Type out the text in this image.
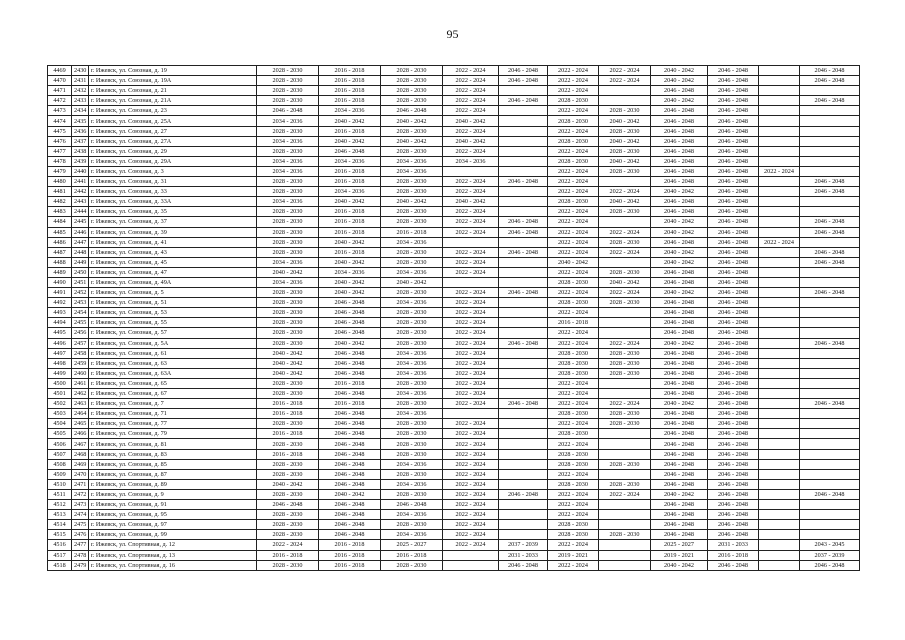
95
4469	2430	г. Ижевск, ул. Союзная, д. 19	2028 - 2030	2016 - 2018	2028 - 2030	2022 - 2024	2046 - 2048	2022 - 2024	2022 - 2024	2040 - 2042	2046 - 2048		2046 - 2048
4470	2431	г. Ижевск, ул. Союзная, д. 19А	2028 - 2030	2016 - 2018	2028 - 2030	2022 - 2024	2046 - 2048	2022 - 2024	2022 - 2024	2040 - 2042	2046 - 2048		2046 - 2048
4471	2432	г. Ижевск, ул. Союзная, д. 21	2028 - 2030	2016 - 2018	2028 - 2030	2022 - 2024		2022 - 2024		2046 - 2048	2046 - 2048		
4472	2433	г. Ижевск, ул. Союзная, д. 21А	2028 - 2030	2016 - 2018	2028 - 2030	2022 - 2024	2046 - 2048	2028 - 2030		2040 - 2042	2046 - 2048		2046 - 2048
4473	2434	г. Ижевск, ул. Союзная, д. 23	2046 - 2048	2034 - 2036	2046 - 2048	2022 - 2024		2022 - 2024	2028 - 2030	2046 - 2048	2046 - 2048		
4474	2435	г. Ижевск, ул. Союзная, д. 25А	2034 - 2036	2040 - 2042	2040 - 2042	2040 - 2042		2028 - 2030	2040 - 2042	2046 - 2048	2046 - 2048		
4475	2436	г. Ижевск, ул. Союзная, д. 27	2028 - 2030	2016 - 2018	2028 - 2030	2022 - 2024		2022 - 2024	2028 - 2030	2046 - 2048	2046 - 2048		
4476	2437	г. Ижевск, ул. Союзная, д. 27А	2034 - 2036	2040 - 2042	2040 - 2042	2040 - 2042		2028 - 2030	2040 - 2042	2046 - 2048	2046 - 2048		
4477	2438	г. Ижевск, ул. Союзная, д. 29	2028 - 2030	2046 - 2048	2028 - 2030	2022 - 2024		2022 - 2024	2028 - 2030	2046 - 2048	2046 - 2048		
4478	2439	г. Ижевск, ул. Союзная, д. 29А	2034 - 2036	2034 - 2036	2034 - 2036	2034 - 2036		2028 - 2030	2040 - 2042	2046 - 2048	2046 - 2048		
4479	2440	г. Ижевск, ул. Союзная, д. 3	2034 - 2036	2016 - 2018	2034 - 2036			2022 - 2024	2028 - 2030	2046 - 2048	2046 - 2048	2022 - 2024	
4480	2441	г. Ижевск, ул. Союзная, д. 31	2028 - 2030	2016 - 2018	2028 - 2030	2022 - 2024	2046 - 2048	2022 - 2024		2046 - 2048	2046 - 2048		2046 - 2048
4481	2442	г. Ижевск, ул. Союзная, д. 33	2028 - 2030	2034 - 2036	2028 - 2030	2022 - 2024		2022 - 2024	2022 - 2024	2040 - 2042	2046 - 2048		2046 - 2048
4482	2443	г. Ижевск, ул. Союзная, д. 33А	2034 - 2036	2040 - 2042	2040 - 2042	2040 - 2042		2028 - 2030	2040 - 2042	2046 - 2048	2046 - 2048		
4483	2444	г. Ижевск, ул. Союзная, д. 35	2028 - 2030	2016 - 2018	2028 - 2030	2022 - 2024		2022 - 2024	2028 - 2030	2046 - 2048	2046 - 2048		
4484	2445	г. Ижевск, ул. Союзная, д. 37	2028 - 2030	2016 - 2018	2028 - 2030	2022 - 2024	2046 - 2048	2022 - 2024		2040 - 2042	2046 - 2048		2046 - 2048
4485	2446	г. Ижевск, ул. Союзная, д. 39	2028 - 2030	2016 - 2018	2016 - 2018	2022 - 2024	2046 - 2048	2022 - 2024	2022 - 2024	2040 - 2042	2046 - 2048		2046 - 2048
4486	2447	г. Ижевск, ул. Союзная, д. 41	2028 - 2030	2040 - 2042	2034 - 2036			2022 - 2024	2028 - 2030	2046 - 2048	2046 - 2048	2022 - 2024	
4487	2448	г. Ижевск, ул. Союзная, д. 43	2028 - 2030	2016 - 2018	2028 - 2030	2022 - 2024	2046 - 2048	2022 - 2024	2022 - 2024	2040 - 2042	2046 - 2048		2046 - 2048
4488	2449	г. Ижевск, ул. Союзная, д. 45	2034 - 2036	2040 - 2042	2028 - 2030	2022 - 2024		2040 - 2042		2040 - 2042	2046 - 2048		2046 - 2048
4489	2450	г. Ижевск, ул. Союзная, д. 47	2040 - 2042	2034 - 2036	2034 - 2036	2022 - 2024		2022 - 2024	2028 - 2030	2046 - 2048	2046 - 2048		
4490	2451	г. Ижевск, ул. Союзная, д. 49А	2034 - 2036	2040 - 2042	2040 - 2042			2028 - 2030	2040 - 2042	2046 - 2048	2046 - 2048		
4491	2452	г. Ижевск, ул. Союзная, д. 5	2028 - 2030	2040 - 2042	2028 - 2030	2022 - 2024	2046 - 2048	2022 - 2024	2022 - 2024	2040 - 2042	2046 - 2048		2046 - 2048
4492	2453	г. Ижевск, ул. Союзная, д. 51	2028 - 2030	2046 - 2048	2034 - 2036	2022 - 2024		2028 - 2030	2028 - 2030	2046 - 2048	2046 - 2048		
4493	2454	г. Ижевск, ул. Союзная, д. 53	2028 - 2030	2046 - 2048	2028 - 2030	2022 - 2024		2022 - 2024		2046 - 2048	2046 - 2048		
4494	2455	г. Ижевск, ул. Союзная, д. 55	2028 - 2030	2046 - 2048	2028 - 2030	2022 - 2024		2016 - 2018		2046 - 2048	2046 - 2048		
4495	2456	г. Ижевск, ул. Союзная, д. 57	2028 - 2030	2046 - 2048	2028 - 2030	2022 - 2024		2022 - 2024		2046 - 2048	2046 - 2048		
4496	2457	г. Ижевск, ул. Союзная, д. 5А	2028 - 2030	2040 - 2042	2028 - 2030	2022 - 2024	2046 - 2048	2022 - 2024	2022 - 2024	2040 - 2042	2046 - 2048		2046 - 2048
4497	2458	г. Ижевск, ул. Союзная, д. 61	2040 - 2042	2046 - 2048	2034 - 2036	2022 - 2024		2028 - 2030	2028 - 2030	2046 - 2048	2046 - 2048		
4498	2459	г. Ижевск, ул. Союзная, д. 63	2040 - 2042	2046 - 2048	2034 - 2036	2022 - 2024		2028 - 2030	2028 - 2030	2046 - 2048	2046 - 2048		
4499	2460	г. Ижевск, ул. Союзная, д. 63А	2040 - 2042	2046 - 2048	2034 - 2036	2022 - 2024		2028 - 2030	2028 - 2030	2046 - 2048	2046 - 2048		
4500	2461	г. Ижевск, ул. Союзная, д. 65	2028 - 2030	2016 - 2018	2028 - 2030	2022 - 2024		2022 - 2024		2046 - 2048	2046 - 2048		
4501	2462	г. Ижевск, ул. Союзная, д. 67	2028 - 2030	2046 - 2048	2034 - 2036	2022 - 2024		2022 - 2024		2046 - 2048	2046 - 2048		
4502	2463	г. Ижевск, ул. Союзная, д. 7	2016 - 2018	2016 - 2018	2028 - 2030	2022 - 2024	2046 - 2048	2022 - 2024	2022 - 2024	2040 - 2042	2046 - 2048		2046 - 2048
4503	2464	г. Ижевск, ул. Союзная, д. 71	2016 - 2018	2046 - 2048	2034 - 2036			2028 - 2030	2028 - 2030	2046 - 2048	2046 - 2048		
4504	2465	г. Ижевск, ул. Союзная, д. 77	2028 - 2030	2046 - 2048	2028 - 2030	2022 - 2024		2022 - 2024	2028 - 2030	2046 - 2048	2046 - 2048		
4505	2466	г. Ижевск, ул. Союзная, д. 79	2016 - 2018	2046 - 2048	2028 - 2030	2022 - 2024		2028 - 2030		2046 - 2048	2046 - 2048		
4506	2467	г. Ижевск, ул. Союзная, д. 81	2028 - 2030	2046 - 2048	2028 - 2030	2022 - 2024		2022 - 2024		2046 - 2048	2046 - 2048		
4507	2468	г. Ижевск, ул. Союзная, д. 83	2016 - 2018	2046 - 2048	2028 - 2030	2022 - 2024		2028 - 2030		2046 - 2048	2046 - 2048		
4508	2469	г. Ижевск, ул. Союзная, д. 85	2028 - 2030	2046 - 2048	2034 - 2036	2022 - 2024		2028 - 2030	2028 - 2030	2046 - 2048	2046 - 2048		
4509	2470	г. Ижевск, ул. Союзная, д. 87	2028 - 2030	2046 - 2048	2028 - 2030	2022 - 2024		2022 - 2024		2046 - 2048	2046 - 2048		
4510	2471	г. Ижевск, ул. Союзная, д. 89	2040 - 2042	2046 - 2048	2034 - 2036	2022 - 2024		2028 - 2030	2028 - 2030	2046 - 2048	2046 - 2048		
4511	2472	г. Ижевск, ул. Союзная, д. 9	2028 - 2030	2040 - 2042	2028 - 2030	2022 - 2024	2046 - 2048	2022 - 2024	2022 - 2024	2040 - 2042	2046 - 2048		2046 - 2048
4512	2473	г. Ижевск, ул. Союзная, д. 91	2046 - 2048	2046 - 2048	2046 - 2048	2022 - 2024		2022 - 2024		2046 - 2048	2046 - 2048		
4513	2474	г. Ижевск, ул. Союзная, д. 95	2028 - 2030	2046 - 2048	2034 - 2036	2022 - 2024		2022 - 2024		2046 - 2048	2046 - 2048		
4514	2475	г. Ижевск, ул. Союзная, д. 97	2028 - 2030	2046 - 2048	2028 - 2030	2022 - 2024		2028 - 2030		2046 - 2048	2046 - 2048		
4515	2476	г. Ижевск, ул. Союзная, д. 99	2028 - 2030	2046 - 2048	2034 - 2036	2022 - 2024		2028 - 2030	2028 - 2030	2046 - 2048	2046 - 2048		
4516	2477	г. Ижевск, ул. Спортивная, д. 12	2022 - 2024	2016 - 2018	2025 - 2027	2022 - 2024	2037 - 2039	2022 - 2024		2025 - 2027	2031 - 2033		2043 - 2045
4517	2478	г. Ижевск, ул. Спортивная, д. 13	2016 - 2018	2016 - 2018	2016 - 2018		2031 - 2033	2019 - 2021		2019 - 2021	2016 - 2018		2037 - 2039
4518	2479	г. Ижевск, ул. Спортивная, д. 16	2028 - 2030	2016 - 2018	2028 - 2030		2046 - 2048	2022 - 2024		2040 - 2042	2046 - 2048		2046 - 2048
